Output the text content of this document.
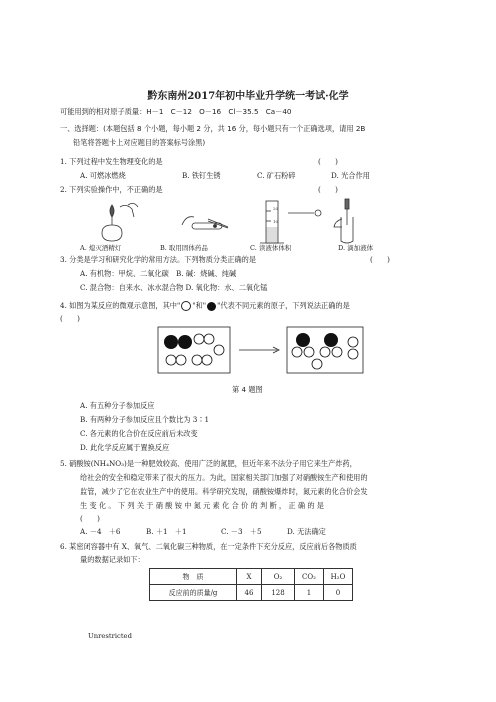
黔东南州2017年初中毕业升学统一考试·化学
可能用到的相对原子质量：H－1　C－12　O－16　Cl－35.5　Ca－40
一、选择题：(本题包括 8 个小题，每小题 2 分，共 16 分，每小题只有一个正确选项，请用 2B
铅笔将答题卡上对应题目的答案标号涂黑)
1. 下列过程中发生物理变化的是	(　　)
A. 可燃冰燃烧	B. 铁钉生锈	C. 矿石粉碎	D. 光合作用
2. 下列实验操作中，不正确的是	(　　)
20
10
A. 熄灭酒精灯	B. 取用固体药品	C. 读液体体积	D. 滴加液体
3. 分类是学习和研究化学的常用方法。下列物质分类正确的是	(　　)
A. 有机物：甲烷、二氧化碳　B. 碱：烧碱、纯碱
C. 混合物：自来水、冰水混合物 D. 氧化物：水、二氧化锰
4. 如图为某反应的微观示意图，其中" "和" "代表不同元素的原子，下列说法正确的是
(　　)
第 4 题图
A. 有五种分子参加反应
B. 有两种分子参加反应且个数比为 3∶1
C. 各元素的化合价在反应前后未改变
D. 此化学反应属于置换反应
5. 硝酸铵(NH₄NO₃)是一种肥效较高、使用广泛的氮肥，但近年来不法分子用它来生产炸药，
给社会的安全和稳定带来了很大的压力。为此，国家相关部门加强了对硝酸铵生产和使用的
监管，减少了它在农业生产中的使用。科学研究发现，硝酸铵爆炸时，氮元素的化合价会发
生 变 化 。 下 列 关 于 硝 酸 铵 中 氮 元 素 化 合 价 的 判 断 ， 正 确 的 是
(　　)
A. －4　＋6	B. ＋1　＋1	C. －3　＋5	D. 无法确定
6. 某密闭容器中有 X、氧气、二氧化碳三种物质，在一定条件下充分反应，反应前后各物质质
量的数据记录如下：
物　质	X	O₂	CO₂	H₂O
反应前的质量/g	46	128	1	0
Unrestricted
